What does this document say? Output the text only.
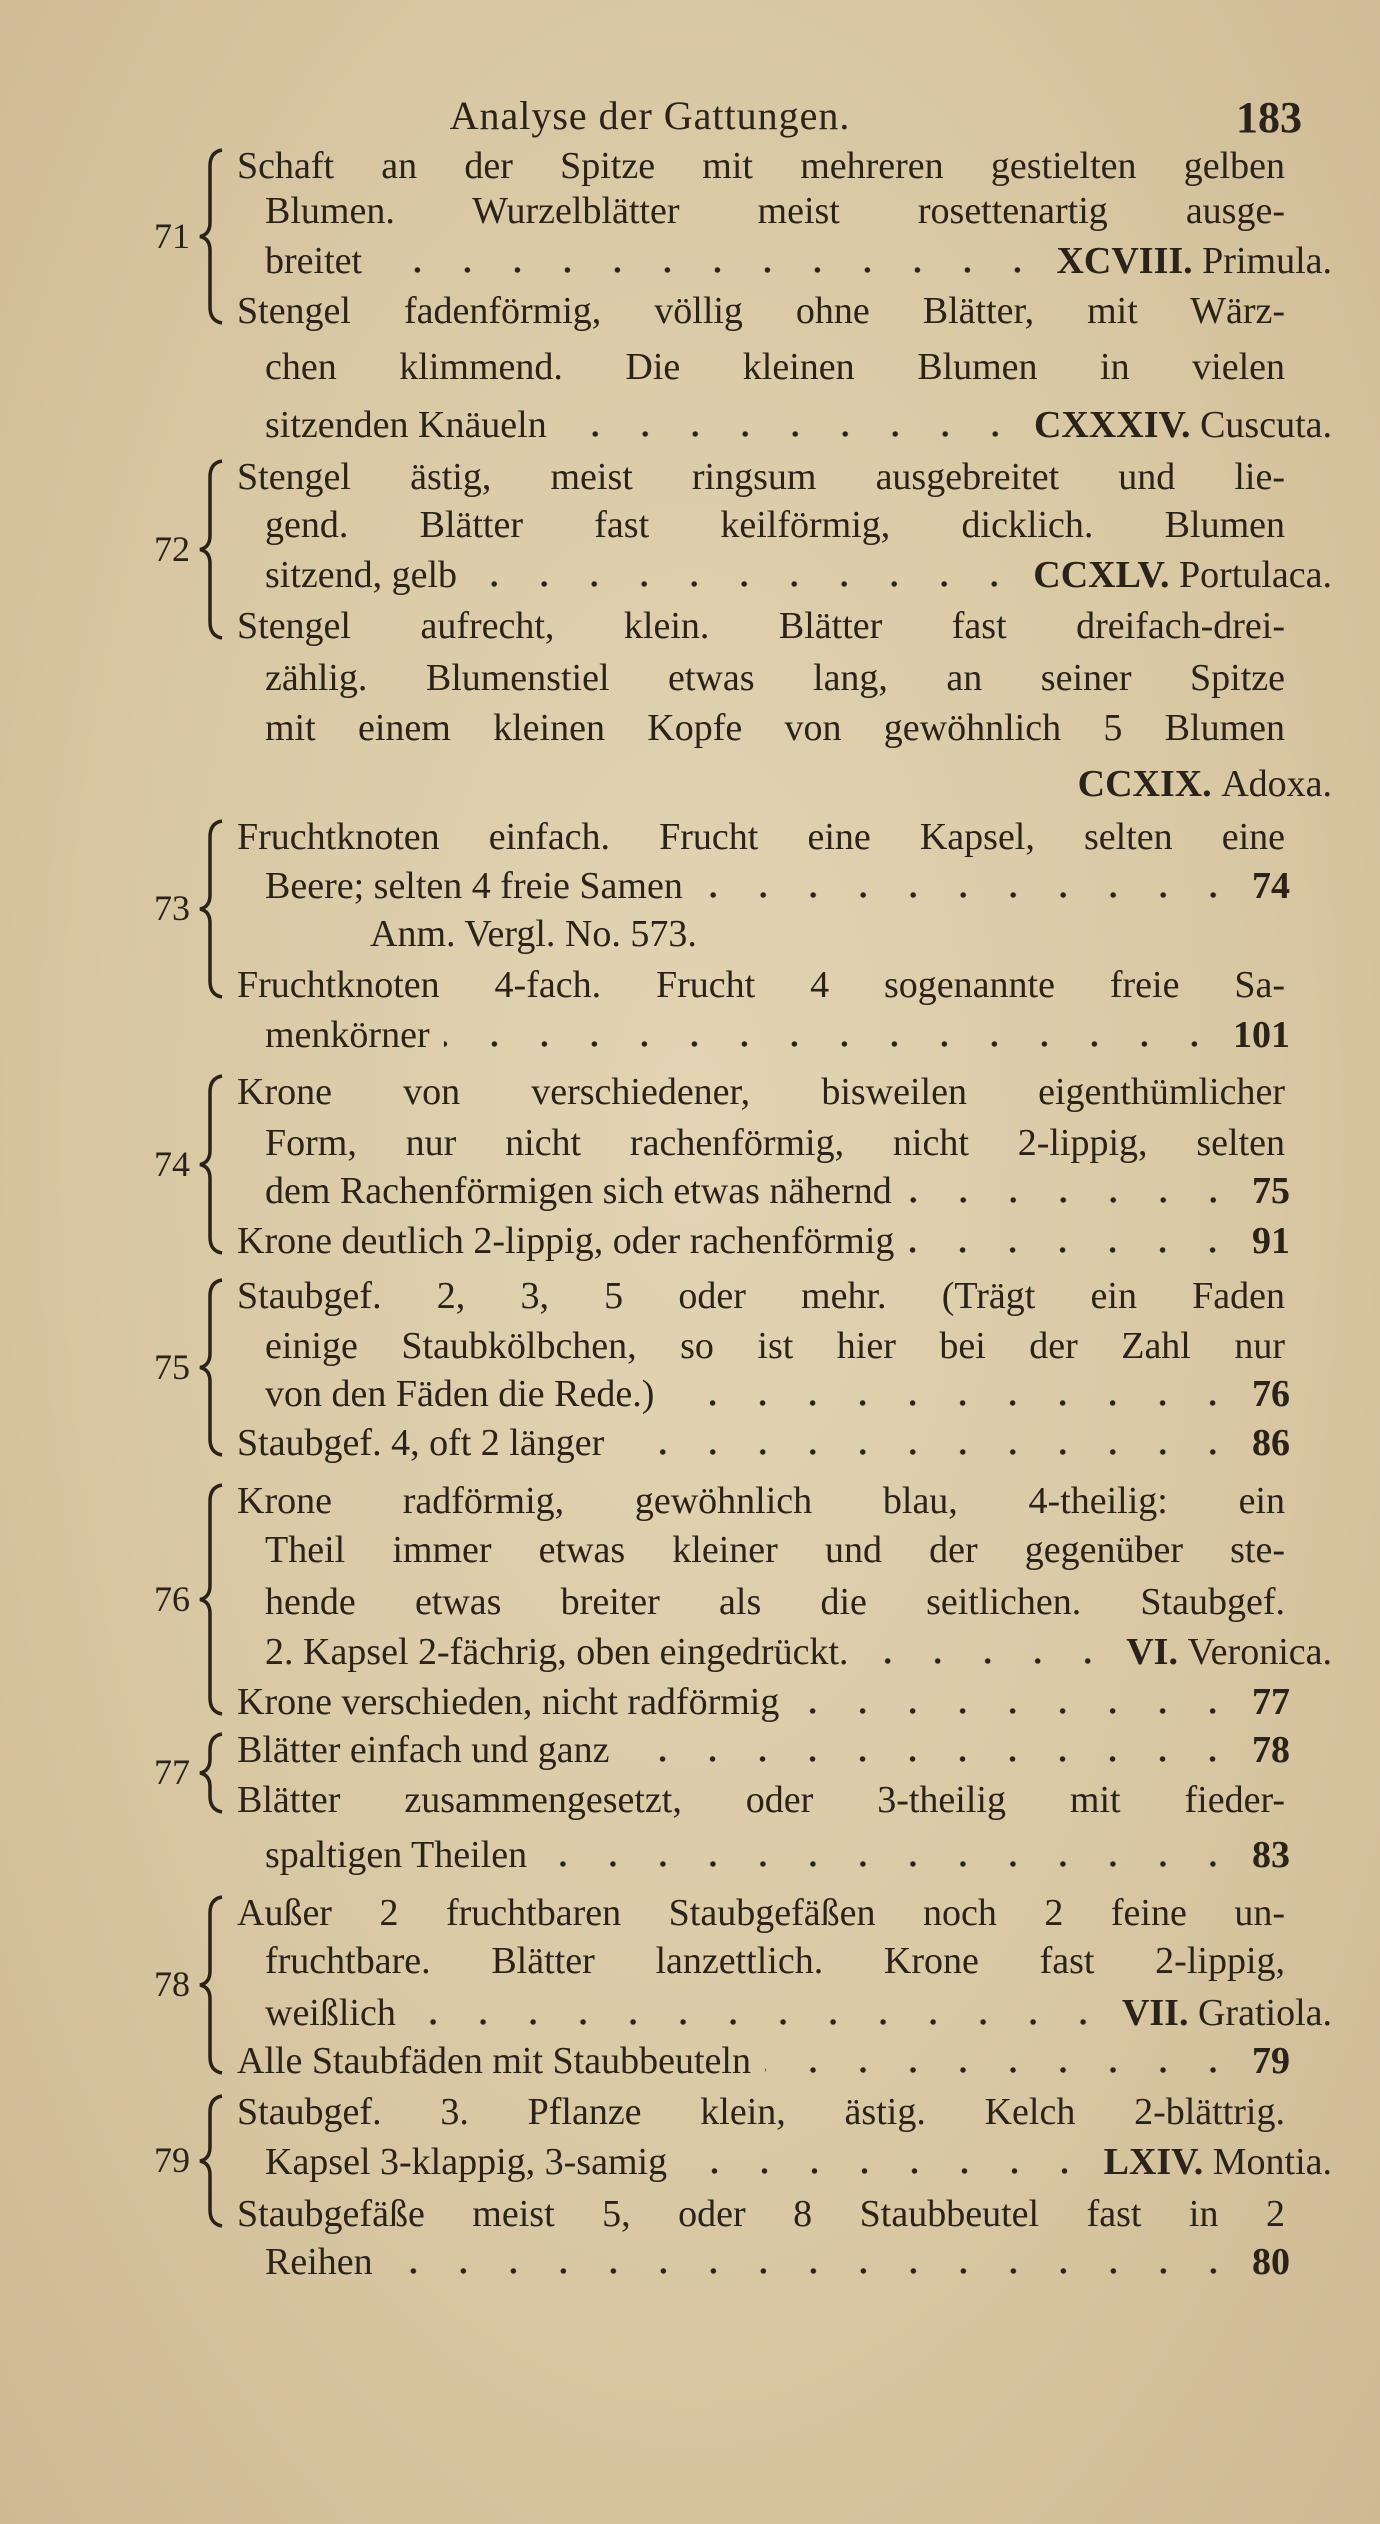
Analyse der Gattungen.	183
Schaft an der Spitze mit mehreren gestielten gelben
Blumen. Wurzelblätter meist rosettenartig ausge-
breitet	XCVIII. Primula.
Stengel fadenförmig, völlig ohne Blätter, mit Wärz-
chen klimmend. Die kleinen Blumen in vielen
sitzenden Knäueln	CXXXIV. Cuscuta.
71
Stengel ästig, meist ringsum ausgebreitet und lie-
gend. Blätter fast keilförmig, dicklich. Blumen
sitzend, gelb	CCXLV. Portulaca.
Stengel aufrecht, klein. Blätter fast dreifach-drei-
zählig. Blumenstiel etwas lang, an seiner Spitze
mit einem kleinen Kopfe von gewöhnlich 5 Blumen
CCXIX. Adoxa.
72
Fruchtknoten einfach. Frucht eine Kapsel, selten eine
Beere; selten 4 freie Samen	74
Anm. Vergl. No. 573.
Fruchtknoten 4-fach. Frucht 4 sogenannte freie Sa-
menkörner	101
73
Krone von verschiedener, bisweilen eigenthümlicher
Form, nur nicht rachenförmig, nicht 2-lippig, selten
dem Rachenförmigen sich etwas nähernd	75
Krone deutlich 2-lippig, oder rachenförmig	91
74
Staubgef. 2, 3, 5 oder mehr. (Trägt ein Faden
einige Staubkölbchen, so ist hier bei der Zahl nur
von den Fäden die Rede.)	76
Staubgef. 4, oft 2 länger	86
75
Krone radförmig, gewöhnlich blau, 4-theilig: ein
Theil immer etwas kleiner und der gegenüber ste-
hende etwas breiter als die seitlichen. Staubgef.
2. Kapsel 2-fächrig, oben eingedrückt.	VI. Veronica.
Krone verschieden, nicht radförmig	77
76
Blätter einfach und ganz	78
Blätter zusammengesetzt, oder 3-theilig mit fieder-
spaltigen Theilen	83
77
Außer 2 fruchtbaren Staubgefäßen noch 2 feine un-
fruchtbare. Blätter lanzettlich. Krone fast 2-lippig,
weißlich	VII. Gratiola.
Alle Staubfäden mit Staubbeuteln	79
78
Staubgef. 3. Pflanze klein, ästig. Kelch 2-blättrig.
Kapsel 3-klappig, 3-samig	LXIV. Montia.
Staubgefäße meist 5, oder 8 Staubbeutel fast in 2
Reihen	80
79
